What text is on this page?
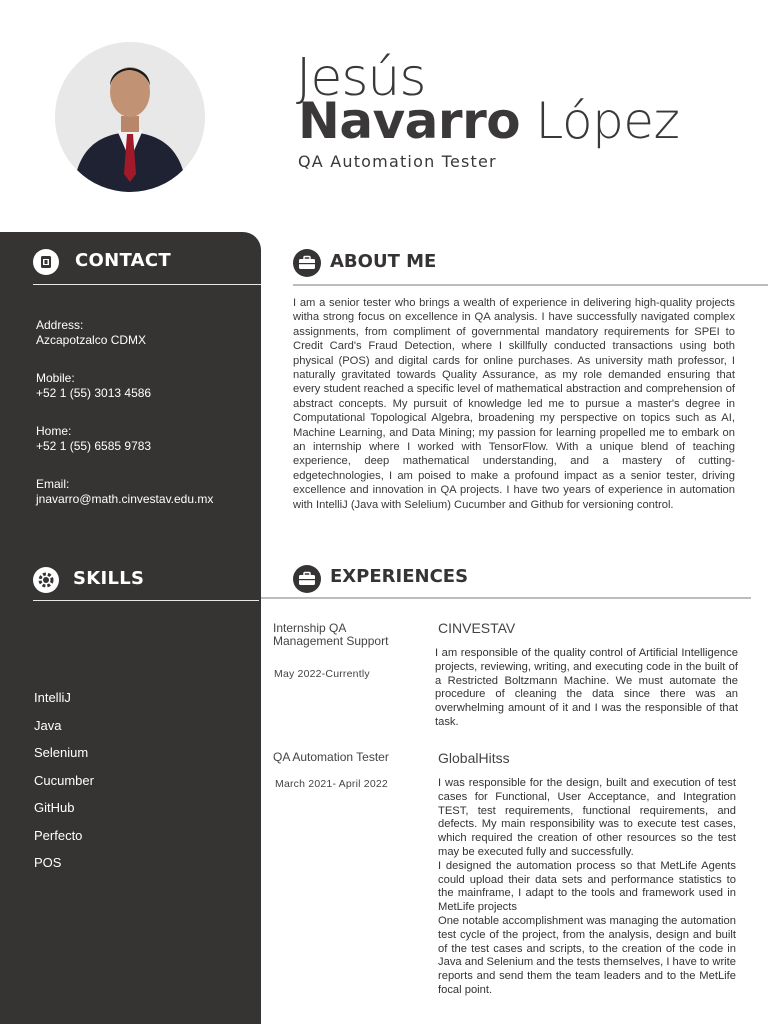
Jesús
Navarro López
QA Automation Tester
CONTACT
Address:
Azcapotzalco CDMX
Mobile:
+52 1 (55) 3013 4586
Home:
+52 1 (55) 6585 9783
Email:
jnavarro@math.cinvestav.edu.mx
SKILLS
IntelliJ
Java
Selenium
Cucumber
GitHub
Perfecto
POS
ABOUT ME
I am a senior tester who brings a wealth of experience in delivering high-quality projects witha strong focus on excellence in QA analysis. I have successfully navigated complex assignments, from compliment of governmental mandatory requirements for SPEI to Credit Card's Fraud Detection, where I skillfully conducted transactions using both physical (POS) and digital cards for online purchases. As university math professor, I naturally gravitated towards Quality Assurance, as my role demanded ensuring that every student reached a specific level of mathematical abstraction and comprehension of abstract concepts. My pursuit of knowledge led me to pursue a master's degree in Computational Topological Algebra, broadening my perspective on topics such as AI, Machine Learning, and Data Mining; my passion for learning propelled me to embark on an internship where I worked with TensorFlow. With a unique blend of teaching experience, deep mathematical understanding, and a mastery of cutting-edgetechnologies, I am poised to make a profound impact as a senior tester, driving excellence and innovation in QA projects. I have two years of experience in automation with IntelliJ (Java with Selelium) Cucumber and Github for versioning control.
EXPERIENCES
Internship QA Management Support
May 2022-Currently
CINVESTAV

I am responsible of the quality control of Artificial Intelligence projects, reviewing, writing, and executing code in the built of a Restricted Boltzmann Machine. We must automate the procedure of cleaning the data since there was an overwhelming amount of it and I was the responsible of that task.

QA Automation Tester
March 2021- April 2022
GlobalHitss

I was responsible for the design, built and execution of test cases for Functional, User Acceptance, and Integration TEST, test requirements, functional requirements, and defects. My main responsibility was to execute test cases, which required the creation of other resources so the test may be executed fully and successfully.

I designed the automation process so that MetLife Agents could upload their data sets and performance statistics to the mainframe, I adapt to the tools and framework used in MetLife projects

One notable accomplishment was managing the automation test cycle of the project, from the analysis, design and built of the test cases and scripts, to the creation of the code in Java and Selenium and the tests themselves, I have to write reports and send them the team leaders and to the MetLife focal point.
